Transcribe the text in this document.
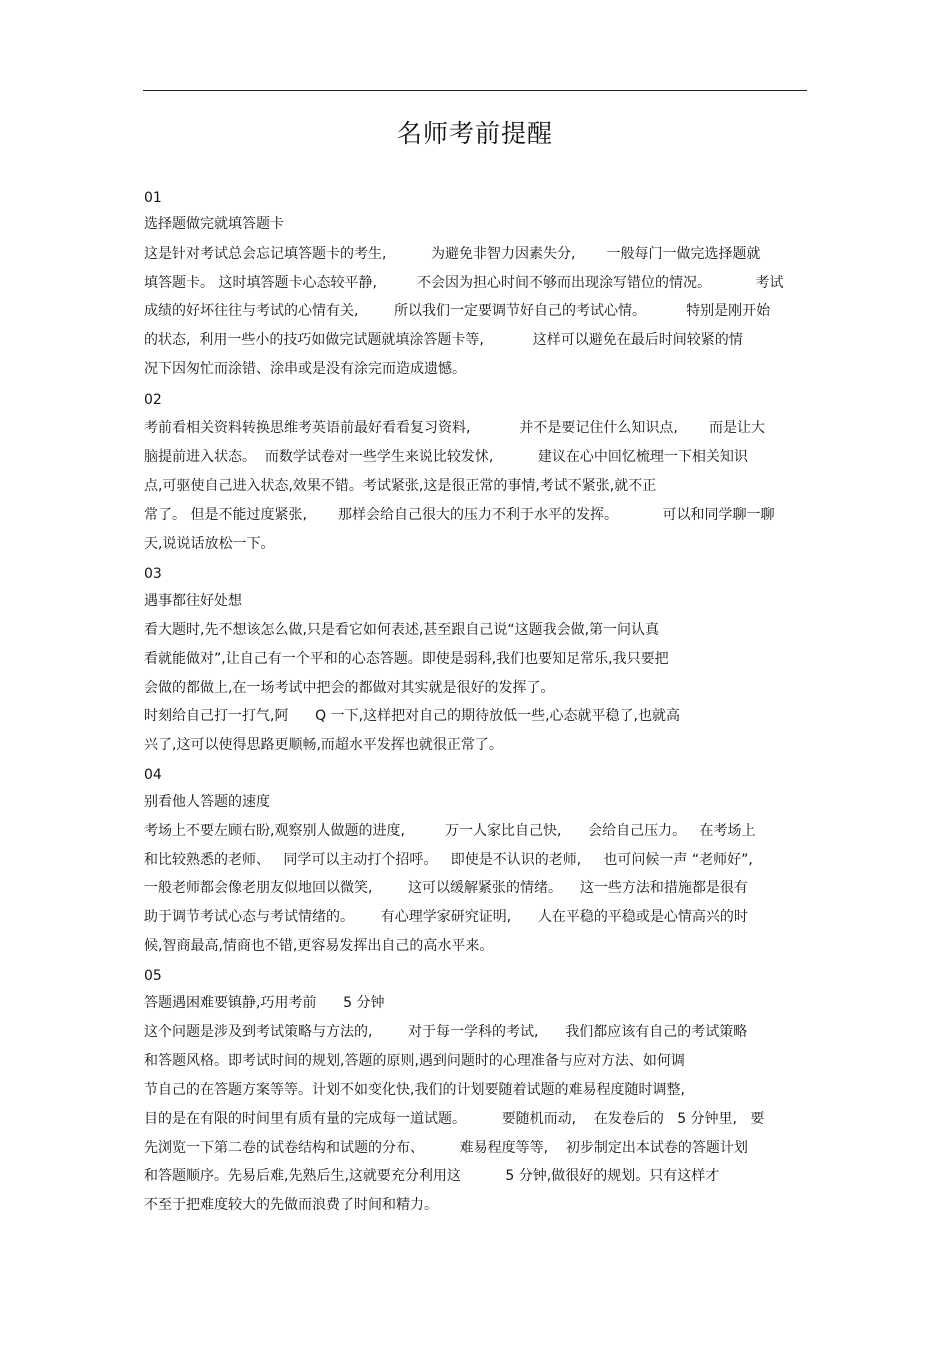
名师考前提醒
01
选择题做完就填答题卡
这是针对考试总会忘记填答题卡的考生,          为避免非智力因素失分,       一般每门一做完选择题就
填答题卡。 这时填答题卡心态较平静,         不会因为担心时间不够而出现涂写错位的情况。          考试
成绩的好坏往往与考试的心情有关,        所以我们一定要调节好自己的考试心情。         特别是刚开始
的状态,  利用一些小的技巧如做完试题就填涂答题卡等,           这样可以避免在最后时间较紧的情
况下因匆忙而涂错、涂串或是没有涂完而造成遗憾。
02
考前看相关资料转换思维考英语前最好看看复习资料,           并不是要记住什么知识点,       而是让大
脑提前进入状态。  而数学试卷对一些学生来说比较发怵,          建议在心中回忆梳理一下相关知识
点,可驱使自己进入状态,效果不错。考试紧张,这是很正常的事情,考试不紧张,就不正
常了。 但是不能过度紧张,       那样会给自己很大的压力不利于水平的发挥。          可以和同学聊一聊
天,说说话放松一下。
03
遇事都往好处想
看大题时,先不想该怎么做,只是看它如何表述,甚至跟自己说“这题我会做,第一问认真
看就能做对”,让自己有一个平和的心态答题。即使是弱科,我们也要知足常乐,我只要把
会做的都做上,在一场考试中把会的都做对其实就是很好的发挥了。
时刻给自己打一打气,阿      Q 一下,这样把对自己的期待放低一些,心态就平稳了,也就高
兴了,这可以使得思路更顺畅,而超水平发挥也就很正常了。
04
别看他人答题的速度
考场上不要左顾右盼,观察别人做题的进度,         万一人家比自己快,      会给自己压力。   在考场上
和比较熟悉的老师、   同学可以主动打个招呼。   即使是不认识的老师,     也可问候一声 “老师好”,
一般老师都会像老朋友似地回以微笑,        这可以缓解紧张的情绪。    这一些方法和措施都是很有
助于调节考试心态与考试情绪的。      有心理学家研究证明,      人在平稳的平稳或是心情高兴的时
候,智商最高,情商也不错,更容易发挥出自己的高水平来。
05
答题遇困难要镇静,巧用考前      5 分钟
这个问题是涉及到考试策略与方法的,        对于每一学科的考试,      我们都应该有自己的考试策略
和答题风格。即考试时间的规划,答题的原则,遇到问题时的心理准备与应对方法、如何调
节自己的在答题方案等等。计划不如变化快,我们的计划要随着试题的难易程度随时调整,
目的是在有限的时间里有质有量的完成每一道试题。        要随机而动,    在发卷后的   5 分钟里,   要
先浏览一下第二卷的试卷结构和试题的分布、        难易程度等等,    初步制定出本试卷的答题计划
和答题顺序。先易后难,先熟后生,这就要充分利用这          5 分钟,做很好的规划。只有这样才
不至于把难度较大的先做而浪费了时间和精力。
